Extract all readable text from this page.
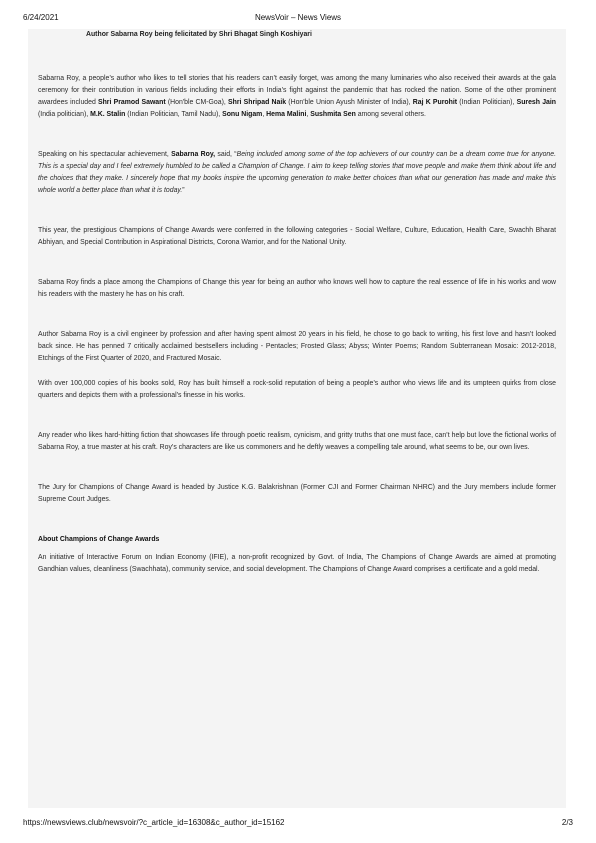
6/24/2021	NewsVoir – News Views
Author Sabarna Roy being felicitated by Shri Bhagat Singh Koshiyari

Sabarna Roy, a people’s author who likes to tell stories that his readers can’t easily forget, was among the many luminaries who also received their awards at the gala ceremony for their contribution in various fields including their efforts in India’s fight against the pandemic that has rocked the nation. Some of the other prominent awardees included Shri Pramod Sawant (Hon'ble CM-Goa), Shri Shripad Naik (Hon'ble Union Ayush Minister of India), Raj K Purohit (Indian Politician), Suresh Jain (India politician), M.K. Stalin (Indian Politician, Tamil Nadu), Sonu Nigam, Hema Malini, Sushmita Sen among several others.

Speaking on his spectacular achievement, Sabarna Roy, said, “Being included among some of the top achievers of our country can be a dream come true for anyone. This is a special day and I feel extremely humbled to be called a Champion of Change. I aim to keep telling stories that move people and make them think about life and the choices that they make. I sincerely hope that my books inspire the upcoming generation to make better choices than what our generation has made and make this whole world a better place than what it is today.”

This year, the prestigious Champions of Change Awards were conferred in the following categories - Social Welfare, Culture, Education, Health Care, Swachh Bharat Abhiyan, and Special Contribution in Aspirational Districts, Corona Warrior, and for the National Unity.

Sabarna Roy finds a place among the Champions of Change this year for being an author who knows well how to capture the real essence of life in his works and wow his readers with the mastery he has on his craft.

Author Sabarna Roy is a civil engineer by profession and after having spent almost 20 years in his field, he chose to go back to writing, his first love and hasn’t looked back since. He has penned 7 critically acclaimed bestsellers including - Pentacles; Frosted Glass; Abyss; Winter Poems; Random Subterranean Mosaic: 2012-2018, Etchings of the First Quarter of 2020, and Fractured Mosaic.

With over 100,000 copies of his books sold, Roy has built himself a rock-solid reputation of being a people’s author who views life and its umpteen quirks from close quarters and depicts them with a professional’s finesse in his works.

Any reader who likes hard-hitting fiction that showcases life through poetic realism, cynicism, and gritty truths that one must face, can’t help but love the fictional works of Sabarna Roy, a true master at his craft. Roy’s characters are like us commoners and he deftly weaves a compelling tale around, what seems to be, our own lives.

The Jury for Champions of Change Award is headed by Justice K.G. Balakrishnan (Former CJI and Former Chairman NHRC) and the Jury members include former Supreme Court Judges.

About Champions of Change Awards

An initiative of Interactive Forum on Indian Economy (IFIE), a non-profit recognized by Govt. of India, The Champions of Change Awards are aimed at promoting Gandhian values, cleanliness (Swachhata), community service, and social development. The Champions of Change Award comprises a certificate and a gold medal.

https://newsviews.club/newsvoir/?c_article_id=16308&c_author_id=15162	2/3
